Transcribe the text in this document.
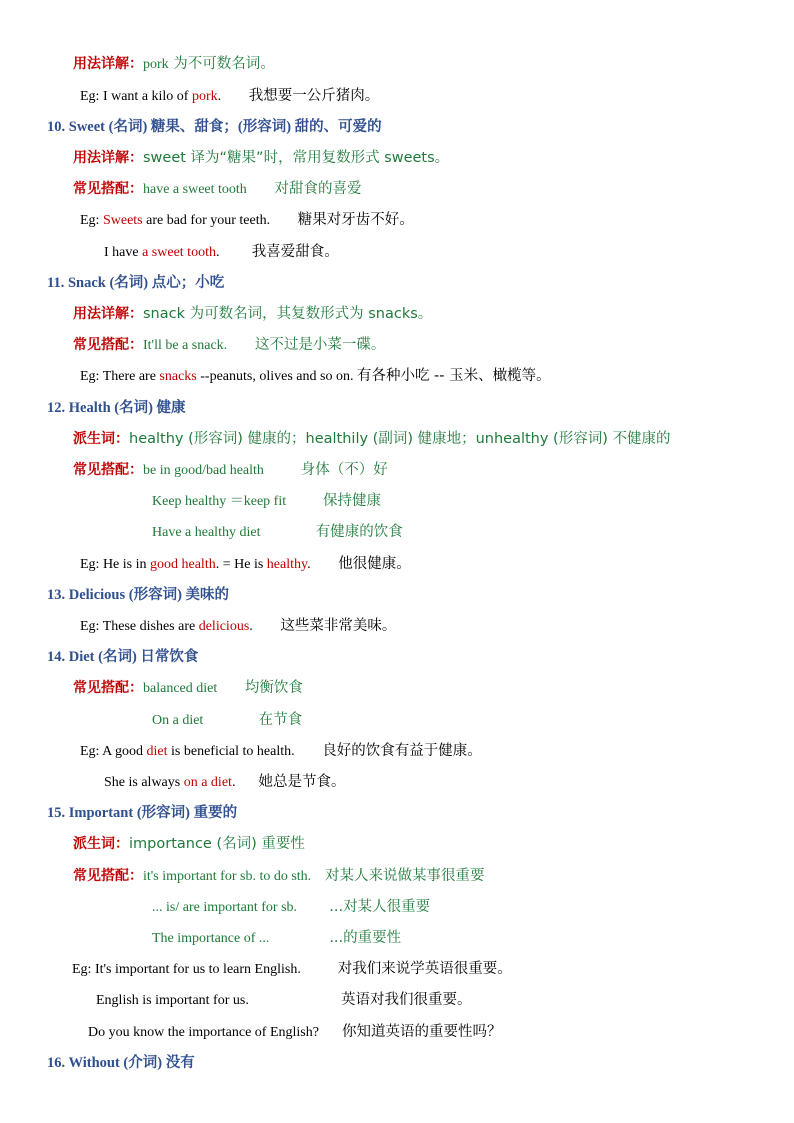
用法详解：pork 为不可数名词。
Eg: I want a kilo of pork.      我想要一公斤猪肉。
10. Sweet (名词) 糖果、甜食；(形容词) 甜的、可爱的
用法详解：sweet 译为“糖果”时，常用复数形式 sweets。
常见搭配：have a sweet tooth      对甜食的喜爱
Eg: Sweets are bad for your teeth.      糖果对牙齿不好。
I have a sweet tooth.       我喜爱甜食。
11. Snack (名词) 点心；小吃
用法详解：snack 为可数名词，其复数形式为 snacks。
常见搭配：It'll be a snack.      这不过是小菜一碟。
Eg: There are snacks --peanuts, olives and so on. 有各种小吃 -- 玉米、橄榄等。
12. Health (名词) 健康
派生词：healthy (形容词) 健康的；healthily (副词) 健康地；unhealthy (形容词) 不健康的
常见搭配：be in good/bad health        身体（不）好
Keep healthy ＝keep fit        保持健康
Have a healthy diet            有健康的饮食
Eg: He is in good health. = He is healthy.      他很健康。
13. Delicious (形容词) 美味的
Eg: These dishes are delicious.      这些菜非常美味。
14. Diet (名词) 日常饮食
常见搭配：balanced diet      均衡饮食
On a diet            在节食
Eg: A good diet is beneficial to health.      良好的饮食有益于健康。
She is always on a diet.     她总是节食。
15. Important (形容词) 重要的
派生词：importance (名词) 重要性
常见搭配：it's important for sb. to do sth.   对某人来说做某事很重要
... is/ are important for sb.       ...对某人很重要
The importance of ...             ...的重要性
Eg: It's important for us to learn English.        对我们来说学英语很重要。
English is important for us.                    英语对我们很重要。
Do you know the importance of English?     你知道英语的重要性吗？
16. Without (介词) 没有
